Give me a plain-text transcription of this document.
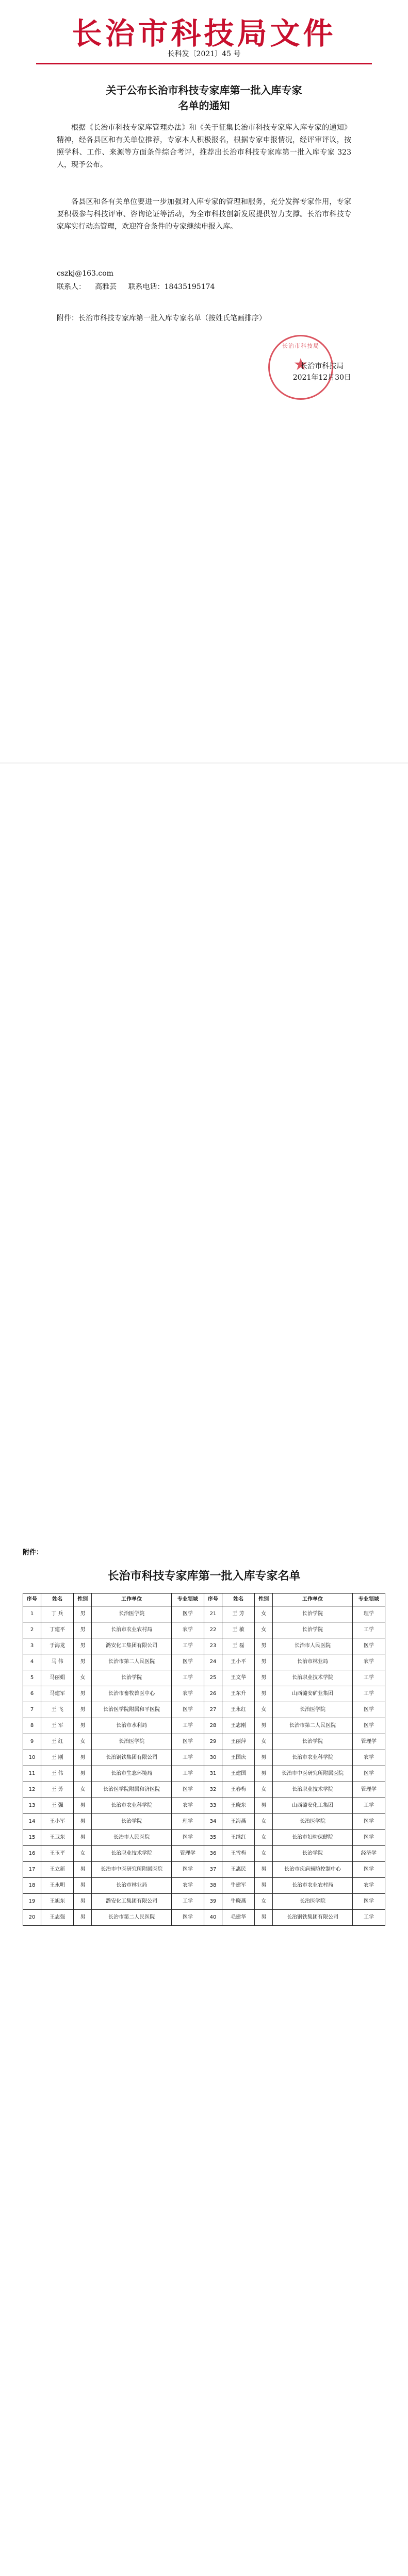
长治市科技局文件
长科发〔2021〕45 号
关于公布长治市科技专家库第一批入库专家
名单的通知
根据《长治市科技专家库管理办法》和《关于征集长治市科技专家库入库专家的通知》精神，经各县区和有关单位推荐，专家本人积极报名，根据专家申报情况，经评审评议，按照学科、工作、来源等方面条件综合考评，推荐出长治市科技专家库第一批入库专家 323 人，现予公布。
各县区和各有关单位要进一步加强对入库专家的管理和服务，充分发挥专家作用，专家要积极参与科技评审、咨询论证等活动，为全市科技创新发展提供智力支撑。长治市科技专家库实行动态管理，欢迎符合条件的专家继续申报入库。
cszkj@163.com
联系人： 高雅芸 联系电话：18435195174
附件：长治市科技专家库第一批入库专家名单（按姓氏笔画排序）
长治市科技局
★
长治市科技局
2021年12月30日
附件：
长治市科技专家库第一批入库专家名单
序号	姓名	性别	工作单位	专业领域	序号	姓名	性别	工作单位	专业领域
1	丁 兵	男	长治医学院	医学	21	王 芳	女	长治学院	理学
2	丁建平	男	长治市农业农村局	农学	22	王 敏	女	长治学院	工学
3	于海龙	男	潞安化工集团有限公司	工学	23	王 磊	男	长治市人民医院	医学
4	马 伟	男	长治市第二人民医院	医学	24	王小平	男	长治市林业局	农学
5	马丽娟	女	长治学院	工学	25	王文华	男	长治职业技术学院	工学
6	马建军	男	长治市畜牧兽医中心	农学	26	王东升	男	山西潞安矿业集团	工学
7	王 飞	男	长治医学院附属和平医院	医学	27	王永红	女	长治医学院	医学
8	王 军	男	长治市水利局	工学	28	王志刚	男	长治市第二人民医院	医学
9	王 红	女	长治医学院	医学	29	王丽萍	女	长治学院	管理学
10	王 刚	男	长治钢铁集团有限公司	工学	30	王国庆	男	长治市农业科学院	农学
11	王 伟	男	长治市生态环境局	工学	31	王建国	男	长治市中医研究所附属医院	医学
12	王 芳	女	长治医学院附属和济医院	医学	32	王春梅	女	长治职业技术学院	管理学
13	王 强	男	长治市农业科学院	农学	33	王晓东	男	山西潞安化工集团	工学
14	王小军	男	长治学院	理学	34	王海燕	女	长治医学院	医学
15	王卫东	男	长治市人民医院	医学	35	王继红	女	长治市妇幼保健院	医学
16	王玉平	女	长治职业技术学院	管理学	36	王雪梅	女	长治学院	经济学
17	王立新	男	长治市中医研究所附属医院	医学	37	王惠民	男	长治市疾病预防控制中心	医学
18	王永明	男	长治市林业局	农学	38	牛建军	男	长治市农业农村局	农学
19	王旭东	男	潞安化工集团有限公司	工学	39	牛晓燕	女	长治医学院	医学
20	王志强	男	长治市第二人民医院	医学	40	毛建华	男	长治钢铁集团有限公司	工学
